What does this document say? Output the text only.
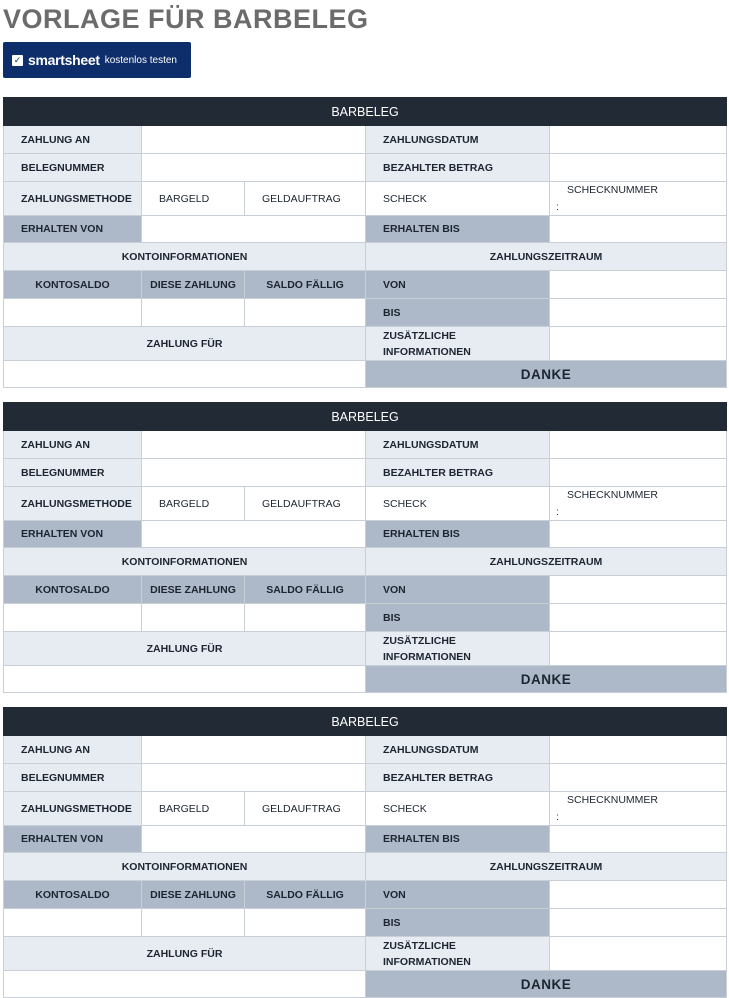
VORLAGE FÜR BARBELEG
✓ smartsheet kostenlos testen
BARBELEG				
ZAHLUNG AN			ZAHLUNGSDATUM	
BELEGNUMMER			BEZAHLTER BETRAG	
ZAHLUNGSMETHODE	BARGELD	GELDAUFTRAG	SCHECK	SCHECKNUMMER
:

ERHALTEN VON			ERHALTEN BIS	
KONTOINFORMATIONEN			ZAHLUNGSZEITRAUM	
KONTOSALDO	DIESE ZAHLUNG	SALDO FÄLLIG	VON	
			BIS	
ZAHLUNG FÜR			ZUSÄTZLICHE INFORMATIONEN	
			DANKE	
BARBELEG				
ZAHLUNG AN			ZAHLUNGSDATUM	
BELEGNUMMER			BEZAHLTER BETRAG	
ZAHLUNGSMETHODE	BARGELD	GELDAUFTRAG	SCHECK	SCHECKNUMMER
:

ERHALTEN VON			ERHALTEN BIS	
KONTOINFORMATIONEN			ZAHLUNGSZEITRAUM	
KONTOSALDO	DIESE ZAHLUNG	SALDO FÄLLIG	VON	
			BIS	
ZAHLUNG FÜR			ZUSÄTZLICHE INFORMATIONEN	
			DANKE	
BARBELEG				
ZAHLUNG AN			ZAHLUNGSDATUM	
BELEGNUMMER			BEZAHLTER BETRAG	
ZAHLUNGSMETHODE	BARGELD	GELDAUFTRAG	SCHECK	SCHECKNUMMER
:

ERHALTEN VON			ERHALTEN BIS	
KONTOINFORMATIONEN			ZAHLUNGSZEITRAUM	
KONTOSALDO	DIESE ZAHLUNG	SALDO FÄLLIG	VON	
			BIS	
ZAHLUNG FÜR			ZUSÄTZLICHE INFORMATIONEN	
			DANKE	
